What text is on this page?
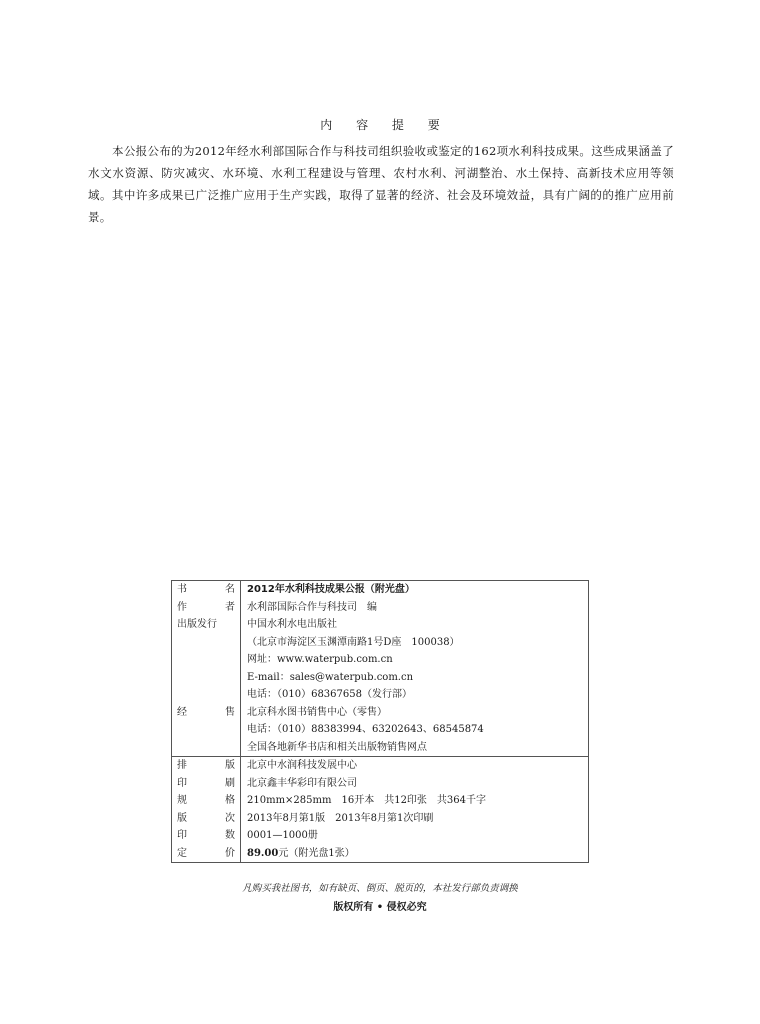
内 容 提 要
本公报公布的为2012年经水利部国际合作与科技司组织验收或鉴定的162项水利科技成果。这些成果涵盖了水文水资源、防灾减灾、水环境、水利工程建设与管理、农村水利、河湖整治、水土保持、高新技术应用等领域。其中许多成果已广泛推广应用于生产实践，取得了显著的经济、社会及环境效益，具有广阔的的推广应用前景。
书 名	2012年水利科技成果公报（附光盘）

作 者	水利部国际合作与科技司　编

出版发行	中国水利水电出版社
	（北京市海淀区玉渊潭南路1号D座　100038）
	网址：www.waterpub.com.cn
	E-mail：sales@waterpub.com.cn
	电话：（010）68367658（发行部）

经 售	北京科水图书销售中心（零售）
	电话：（010）88383994、63202643、68545874
	全国各地新华书店和相关出版物销售网点

排 版	北京中水润科技发展中心

印 刷	北京鑫丰华彩印有限公司

规 格	210mm×285mm　16开本　共12印张　共364千字

版 次	2013年8月第1版　2013年8月第1次印刷

印 数	0001—1000册

定 价	89.00元（附光盘1张）
凡购买我社图书，如有缺页、倒页、脱页的，本社发行部负责调换
版权所有 • 侵权必究
